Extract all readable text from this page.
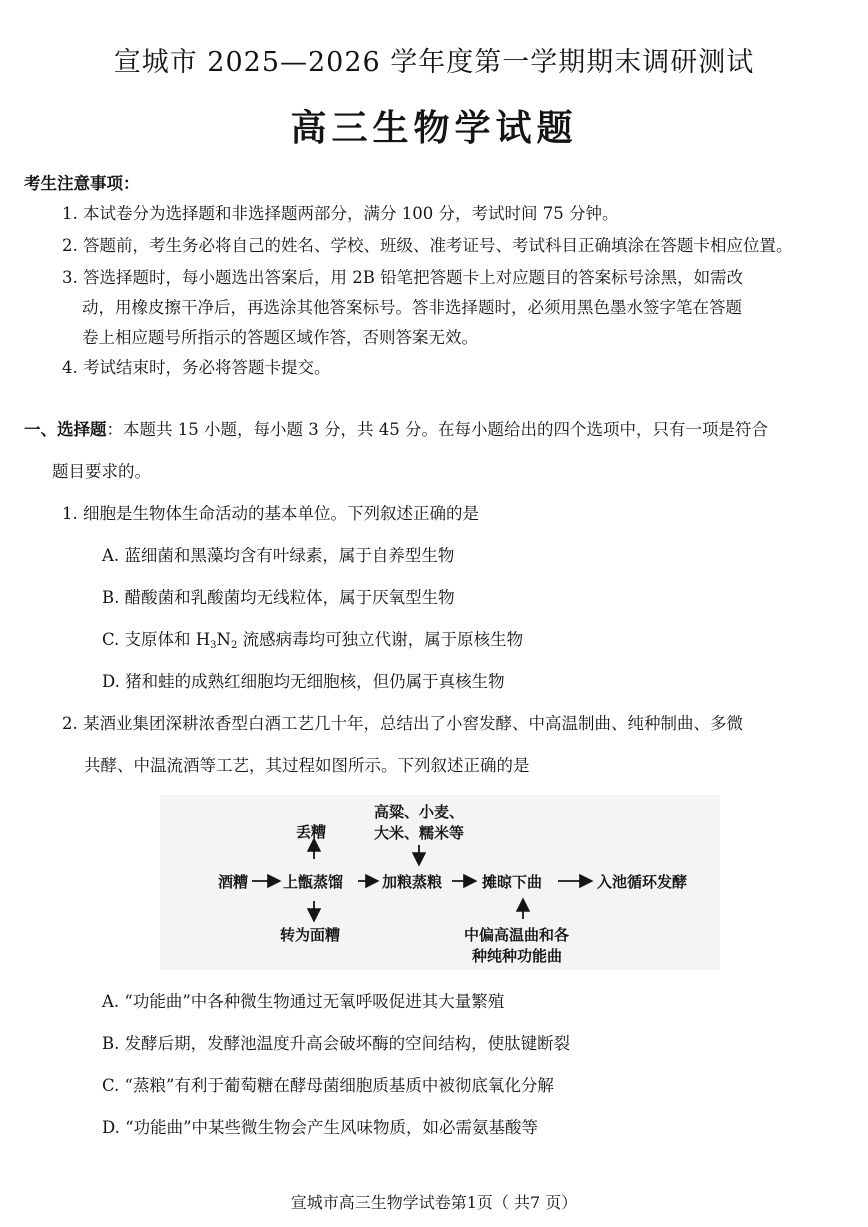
宣城市 2025—2026 学年度第一学期期末调研测试
高三生物学试题
考生注意事项：
1. 本试卷分为选择题和非选择题两部分，满分 100 分，考试时间 75 分钟。
2. 答题前，考生务必将自己的姓名、学校、班级、准考证号、考试科目正确填涂在答题卡相应位置。
3. 答选择题时，每小题选出答案后，用 2B 铅笔把答题卡上对应题目的答案标号涂黑，如需改
动，用橡皮擦干净后，再选涂其他答案标号。答非选择题时，必须用黑色墨水签字笔在答题
卷上相应题号所指示的答题区域作答，否则答案无效。
4. 考试结束时，务必将答题卡提交。
一、选择题：本题共 15 小题，每小题 3 分，共 45 分。在每小题给出的四个选项中，只有一项是符合
题目要求的。
1. 细胞是生物体生命活动的基本单位。下列叙述正确的是
A. 蓝细菌和黑藻均含有叶绿素，属于自养型生物
B. 醋酸菌和乳酸菌均无线粒体，属于厌氧型生物
C. 支原体和 $H_3N_2$ 流感病毒均可独立代谢，属于原核生物
D. 猪和蛙的成熟红细胞均无细胞核，但仍属于真核生物
2. 某酒业集团深耕浓香型白酒工艺几十年，总结出了小窖发酵、中高温制曲、纯种制曲、多微
共酵、中温流酒等工艺，其过程如图所示。下列叙述正确的是
酒糟 上甑蒸馏
丢糟
转为面糟
高粱、小麦、
大米、糯米等
加粮蒸粮	摊晾下曲
中偏高温曲和各
种纯种功能曲
入池循环发酵
A. “功能曲”中各种微生物通过无氧呼吸促进其大量繁殖
B. 发酵后期，发酵池温度升高会破坏酶的空间结构，使肽键断裂
C. “蒸粮”有利于葡萄糖在酵母菌细胞质基质中被彻底氧化分解
D. “功能曲”中某些微生物会产生风味物质，如必需氨基酸等
宣城市高三生物学试卷第1页（ 共7 页）
